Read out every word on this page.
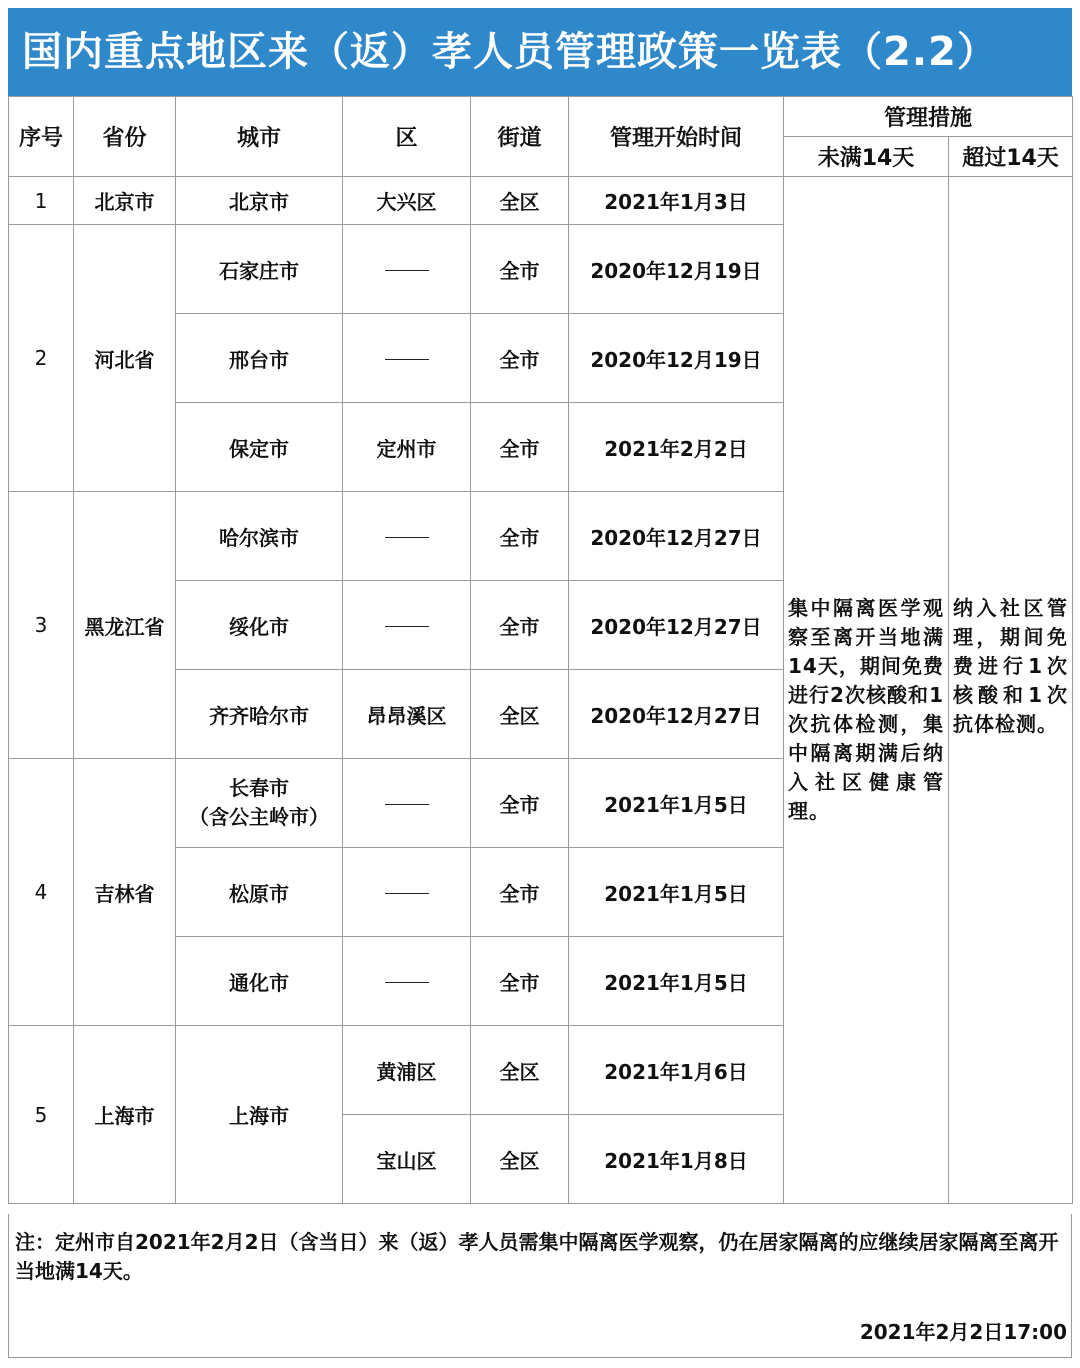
国内重点地区来（返）孝人员管理政策一览表（2.2）
序号	省份	城市	区	街道	管理开始时间	管理措施	
						未满14天	超过14天
1	北京市	北京市	大兴区	全区	2021年1月3日	集中隔离医学观察至离开当地满14天，期间免费进行2次核酸和1次抗体检测，集中隔离期满后纳入社区健康管理。	纳入社区管理，期间免费进行1次核酸和1次抗体检测。

2	河北省	石家庄市		全市	2020年12月19日		
		邢台市		全市	2020年12月19日		
		保定市	定州市	全市	2021年2月2日		
3	黑龙江省	哈尔滨市		全市	2020年12月27日		
		绥化市		全市	2020年12月27日		
		齐齐哈尔市	昂昂溪区	全区	2020年12月27日		
4	吉林省	长春市
（含公主岭市）		全市	2021年1月5日		
		松原市		全市	2021年1月5日		
		通化市		全市	2021年1月5日		
5	上海市	上海市	黄浦区	全区	2021年1月6日		
			宝山区	全区	2021年1月8日		
注：定州市自2021年2月2日（含当日）来（返）孝人员需集中隔离医学观察，仍在居家隔离的应继续居家隔离至离开当地满14天。
2021年2月2日17:00
